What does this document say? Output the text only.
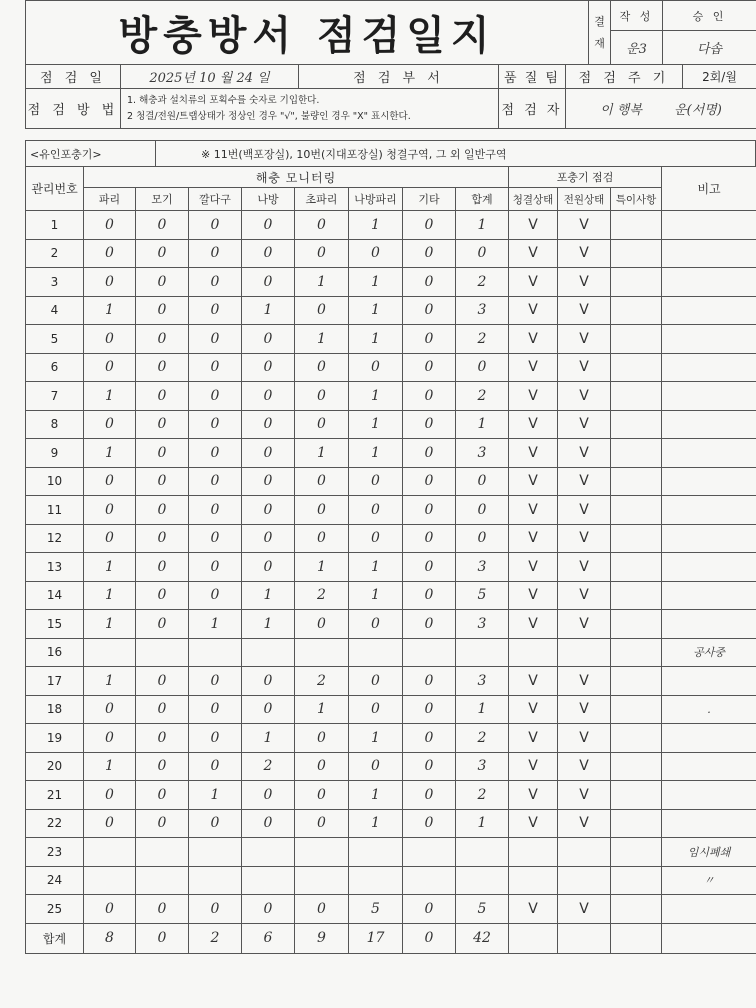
방충방서 점검일지	결 재	작 성	승 인
		운3	다솝
점 검 일	2025년 10 월 24 일	점 검 부 서	품 질 팀	점 검 주 기	2회/월
점 검 방 법	1. 해충과 설치류의 포획수를 숫자로 기입한다.
2 청결/전원/트랩상태가 정상인 경우 "√", 불량인 경우 "X" 표시한다.		점 검 자	이 행복 운(서명)	
<유인포충기>	※ 11번(백포장실), 10번(지대포장실) 청결구역, 그 외 일반구역
관리번호	해충 모니터링								포충기 점검			비고
	파리	모기	깔다구	나방	초파리	나방파리	기타	합계	청결상태	전원상태	특이사항	
1	0	0	0	0	0	1	0	1	V	V		
2	0	0	0	0	0	0	0	0	V	V		
3	0	0	0	0	1	1	0	2	V	V		
4	1	0	0	1	0	1	0	3	V	V		
5	0	0	0	0	1	1	0	2	V	V		
6	0	0	0	0	0	0	0	0	V	V		
7	1	0	0	0	0	1	0	2	V	V		
8	0	0	0	0	0	1	0	1	V	V		
9	1	0	0	0	1	1	0	3	V	V		
10	0	0	0	0	0	0	0	0	V	V		
11	0	0	0	0	0	0	0	0	V	V		
12	0	0	0	0	0	0	0	0	V	V		
13	1	0	0	0	1	1	0	3	V	V		
14	1	0	0	1	2	1	0	5	V	V		
15	1	0	1	1	0	0	0	3	V	V		
16												공사중
17	1	0	0	0	2	0	0	3	V	V		
18	0	0	0	0	1	0	0	1	V	V		.
19	0	0	0	1	0	1	0	2	V	V		
20	1	0	0	2	0	0	0	3	V	V		
21	0	0	1	0	0	1	0	2	V	V		
22	0	0	0	0	0	1	0	1	V	V		
23												임시폐쇄
24												〃
25	0	0	0	0	0	5	0	5	V	V		
합계	8	0	2	6	9	17	0	42				
